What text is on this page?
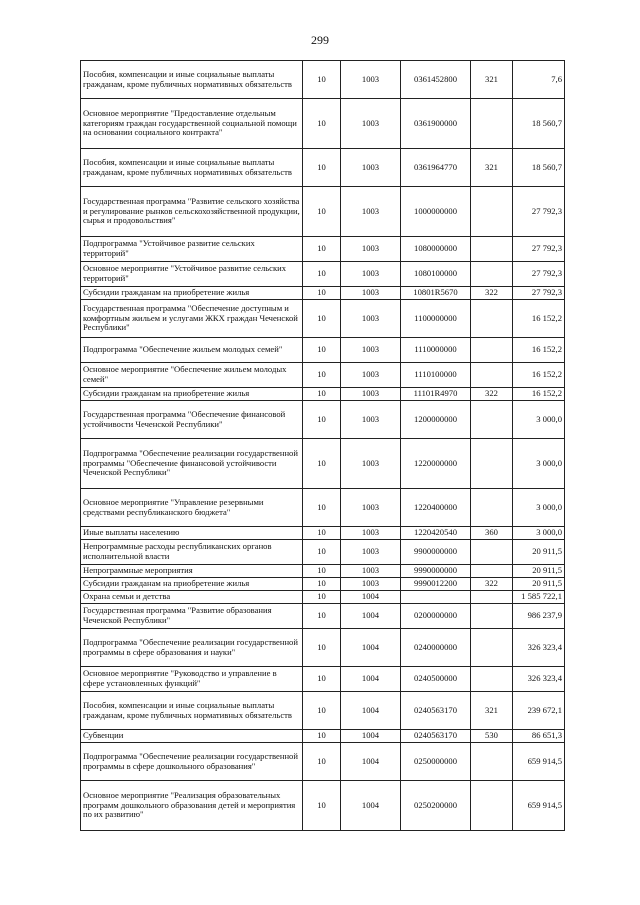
299
Пособия, компенсации и иные социальные выплаты гражданам, кроме публичных нормативных обязательств	10	1003	0361452800	321	7,6
Основное мероприятие "Предоставление отдельным категориям граждан государственной социальной помощи на основании социального контракта"	10	1003	0361900000		18 560,7
Пособия, компенсации и иные социальные выплаты гражданам, кроме публичных нормативных обязательств	10	1003	0361964770	321	18 560,7
Государственная программа "Развитие сельского хозяйства и регулирование рынков сельскохозяйственной продукции, сырья и продовольствия"	10	1003	1000000000		27 792,3
Подпрограмма "Устойчивое развитие сельских территорий"	10	1003	1080000000		27 792,3
Основное мероприятие "Устойчивое развитие сельских территорий"	10	1003	1080100000		27 792,3
Субсидии гражданам на приобретение жилья	10	1003	10801R5670	322	27 792,3
Государственная программа "Обеспечение доступным и комфортным жильем и услугами ЖКХ граждан Чеченской Республики"	10	1003	1100000000		16 152,2
Подпрограмма "Обеспечение жильем молодых семей"	10	1003	1110000000		16 152,2
Основное мероприятие "Обеспечение жильем молодых семей"	10	1003	1110100000		16 152,2
Субсидии гражданам на приобретение жилья	10	1003	11101R4970	322	16 152,2
Государственная программа "Обеспечение финансовой устойчивости Чеченской Республики"	10	1003	1200000000		3 000,0
Подпрограмма "Обеспечение реализации государственной программы "Обеспечение финансовой устойчивости Чеченской Республики"	10	1003	1220000000		3 000,0
Основное мероприятие "Управление резервными средствами республиканского бюджета"	10	1003	1220400000		3 000,0
Иные выплаты населению	10	1003	1220420540	360	3 000,0
Непрограммные расходы республиканских органов исполнительной власти	10	1003	9900000000		20 911,5
Непрограммные мероприятия	10	1003	9990000000		20 911,5
Субсидии гражданам на приобретение жилья	10	1003	9990012200	322	20 911,5
Охрана семьи и детства	10	1004			1 585 722,1
Государственная программа "Развитие образования Чеченской Республики"	10	1004	0200000000		986 237,9
Подпрограмма "Обеспечение реализации государственной программы в сфере образования и науки"	10	1004	0240000000		326 323,4
Основное мероприятие "Руководство и управление в сфере установленных функций"	10	1004	0240500000		326 323,4
Пособия, компенсации и иные социальные выплаты гражданам, кроме публичных нормативных обязательств	10	1004	0240563170	321	239 672,1
Субвенции	10	1004	0240563170	530	86 651,3
Подпрограмма "Обеспечение реализации государственной программы в сфере дошкольного образования"	10	1004	0250000000		659 914,5
Основное мероприятие "Реализация образовательных программ дошкольного образования детей и мероприятия по их развитию"	10	1004	0250200000		659 914,5
